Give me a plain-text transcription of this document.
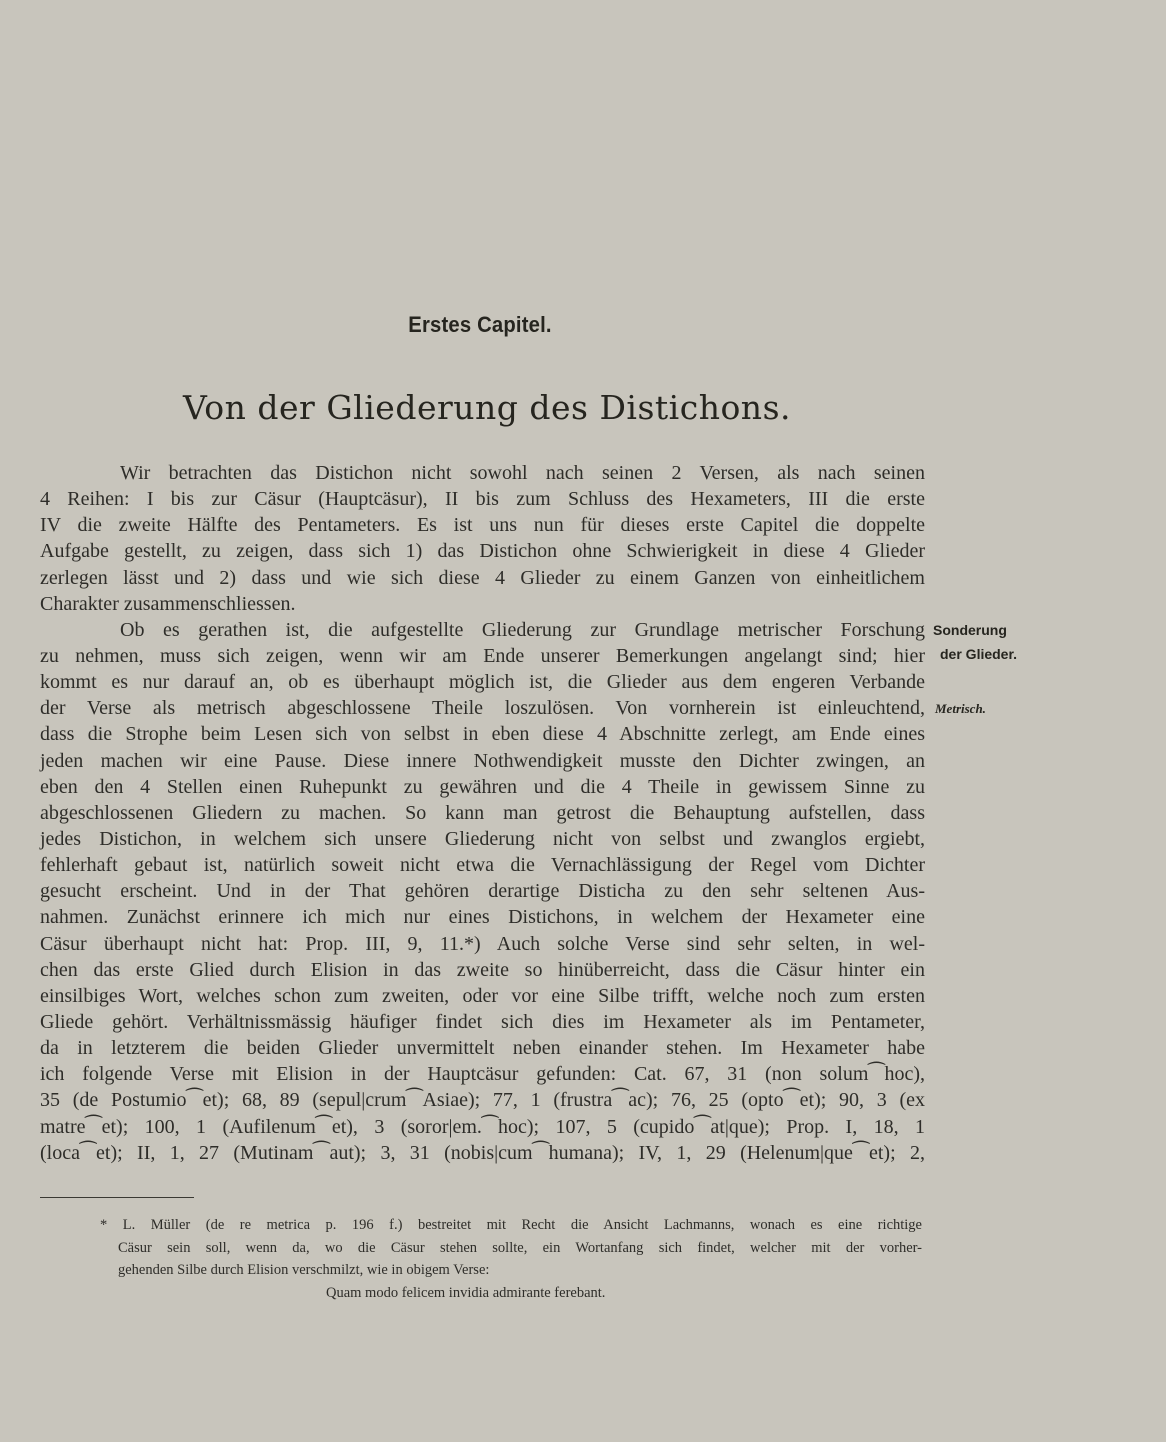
Erstes Capitel.
Von der Gliederung des Distichons.
Wir betrachten das Distichon nicht sowohl nach seinen 2 Versen, als nach seinen
4 Reihen: I bis zur Cäsur (Hauptcäsur), II bis zum Schluss des Hexameters, III die erste
IV die zweite Hälfte des Pentameters. Es ist uns nun für dieses erste Capitel die doppelte
Aufgabe gestellt, zu zeigen, dass sich 1) das Distichon ohne Schwierigkeit in diese 4 Glieder
zerlegen lässt und 2) dass und wie sich diese 4 Glieder zu einem Ganzen von einheitlichem
Charakter zusammenschliessen.
Ob es gerathen ist, die aufgestellte Gliederung zur Grundlage metrischer Forschung
zu nehmen, muss sich zeigen, wenn wir am Ende unserer Bemerkungen angelangt sind; hier
kommt es nur darauf an, ob es überhaupt möglich ist, die Glieder aus dem engeren Verbande
der Verse als metrisch abgeschlossene Theile loszulösen. Von vornherein ist einleuchtend,
dass die Strophe beim Lesen sich von selbst in eben diese 4 Abschnitte zerlegt, am Ende eines
jeden machen wir eine Pause. Diese innere Nothwendigkeit musste den Dichter zwingen, an
eben den 4 Stellen einen Ruhepunkt zu gewähren und die 4 Theile in gewissem Sinne zu
abgeschlossenen Gliedern zu machen. So kann man getrost die Behauptung aufstellen, dass
jedes Distichon, in welchem sich unsere Gliederung nicht von selbst und zwanglos ergiebt,
fehlerhaft gebaut ist, natürlich soweit nicht etwa die Vernachlässigung der Regel vom Dichter
gesucht erscheint. Und in der That gehören derartige Disticha zu den sehr seltenen Aus-
nahmen. Zunächst erinnere ich mich nur eines Distichons, in welchem der Hexameter eine
Cäsur überhaupt nicht hat: Prop. III, 9, 11.*) Auch solche Verse sind sehr selten, in wel-
chen das erste Glied durch Elision in das zweite so hinüberreicht, dass die Cäsur hinter ein
einsilbiges Wort, welches schon zum zweiten, oder vor eine Silbe trifft, welche noch zum ersten
Gliede gehört. Verhältnissmässig häufiger findet sich dies im Hexameter als im Pentameter,
da in letzterem die beiden Glieder unvermittelt neben einander stehen. Im Hexameter habe
ich folgende Verse mit Elision in der Hauptcäsur gefunden: Cat. 67, 31 (non solum⁀hoc),
35 (de Postumio⁀et); 68, 89 (sepul|crum⁀Asiae); 77, 1 (frustra⁀ac); 76, 25 (opto⁀et); 90, 3 (ex
matre⁀et); 100, 1 (Aufilenum⁀et), 3 (soror|em.⁀hoc); 107, 5 (cupido⁀at|que); Prop. I, 18, 1
(loca⁀et); II, 1, 27 (Mutinam⁀aut); 3, 31 (nobis|cum⁀humana); IV, 1, 29 (Helenum|que⁀et); 2,
Sonderung
der Glieder.
Metrisch.
* L. Müller (de re metrica p. 196 f.) bestreitet mit Recht die Ansicht Lachmanns, wonach es eine richtige
Cäsur sein soll, wenn da, wo die Cäsur stehen sollte, ein Wortanfang sich findet, welcher mit der vorher-
gehenden Silbe durch Elision verschmilzt, wie in obigem Verse:
Quam modo felicem invidia admirante ferebant.
